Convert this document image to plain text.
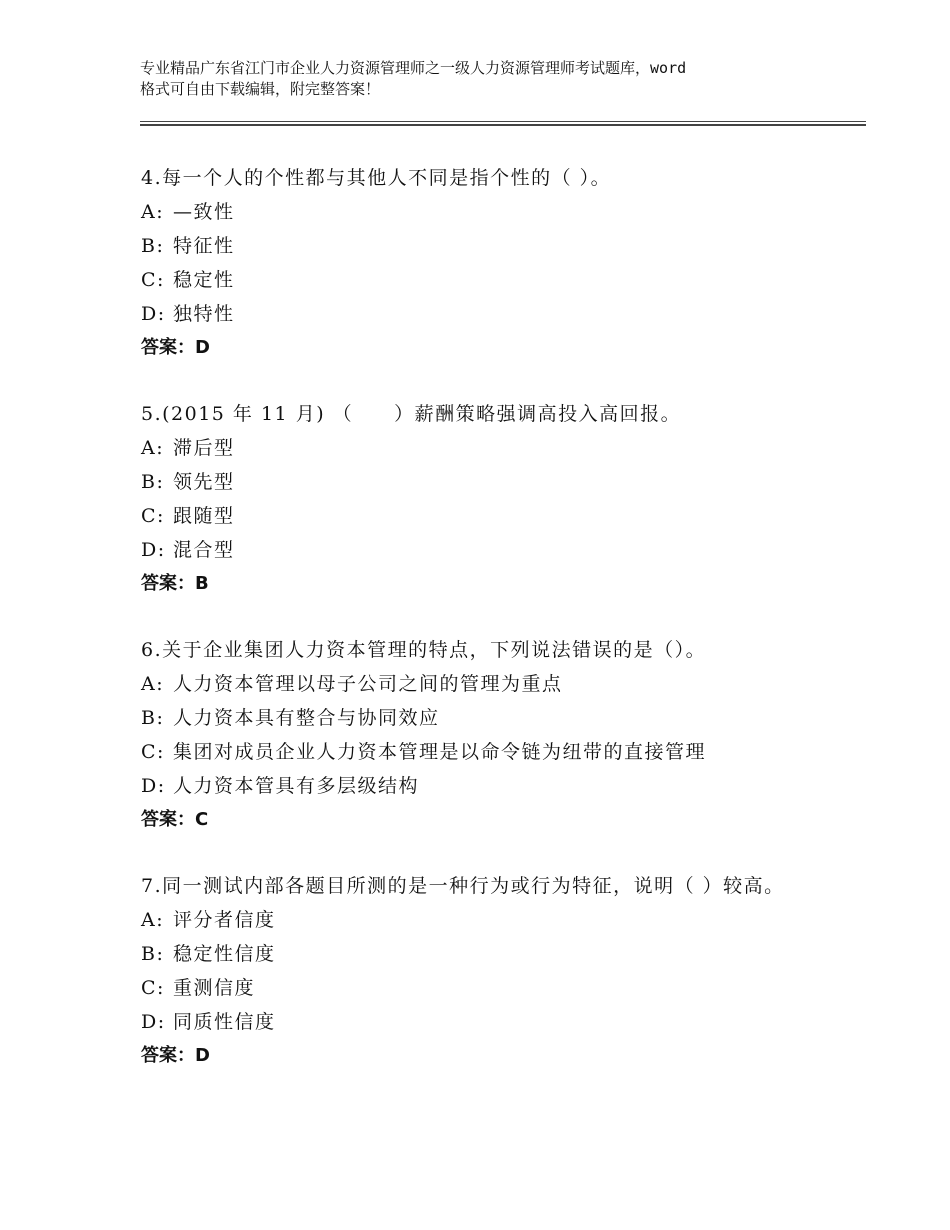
专业精品广东省江门市企业人力资源管理师之一级人力资源管理师考试题库，word
格式可自由下载编辑，附完整答案！

4.每一个人的个性都与其他人不同是指个性的（ ）。

A: —致性

B: 特征性

C: 稳定性

D: 独特性

答案：D

5.(2015 年 11 月) （　　）薪酬策略强调高投入高回报。

A: 滞后型

B: 领先型

C: 跟随型

D: 混合型

答案：B

6.关于企业集团人力资本管理的特点，下列说法错误的是（）。

A: 人力资本管理以母子公司之间的管理为重点

B: 人力资本具有整合与协同效应

C: 集团对成员企业人力资本管理是以命令链为纽带的直接管理

D: 人力资本管具有多层级结构

答案：C

7.同一测试内部各题目所测的是一种行为或行为特征，说明（ ）较高。

A: 评分者信度

B: 稳定性信度

C: 重测信度

D: 同质性信度

答案：D
